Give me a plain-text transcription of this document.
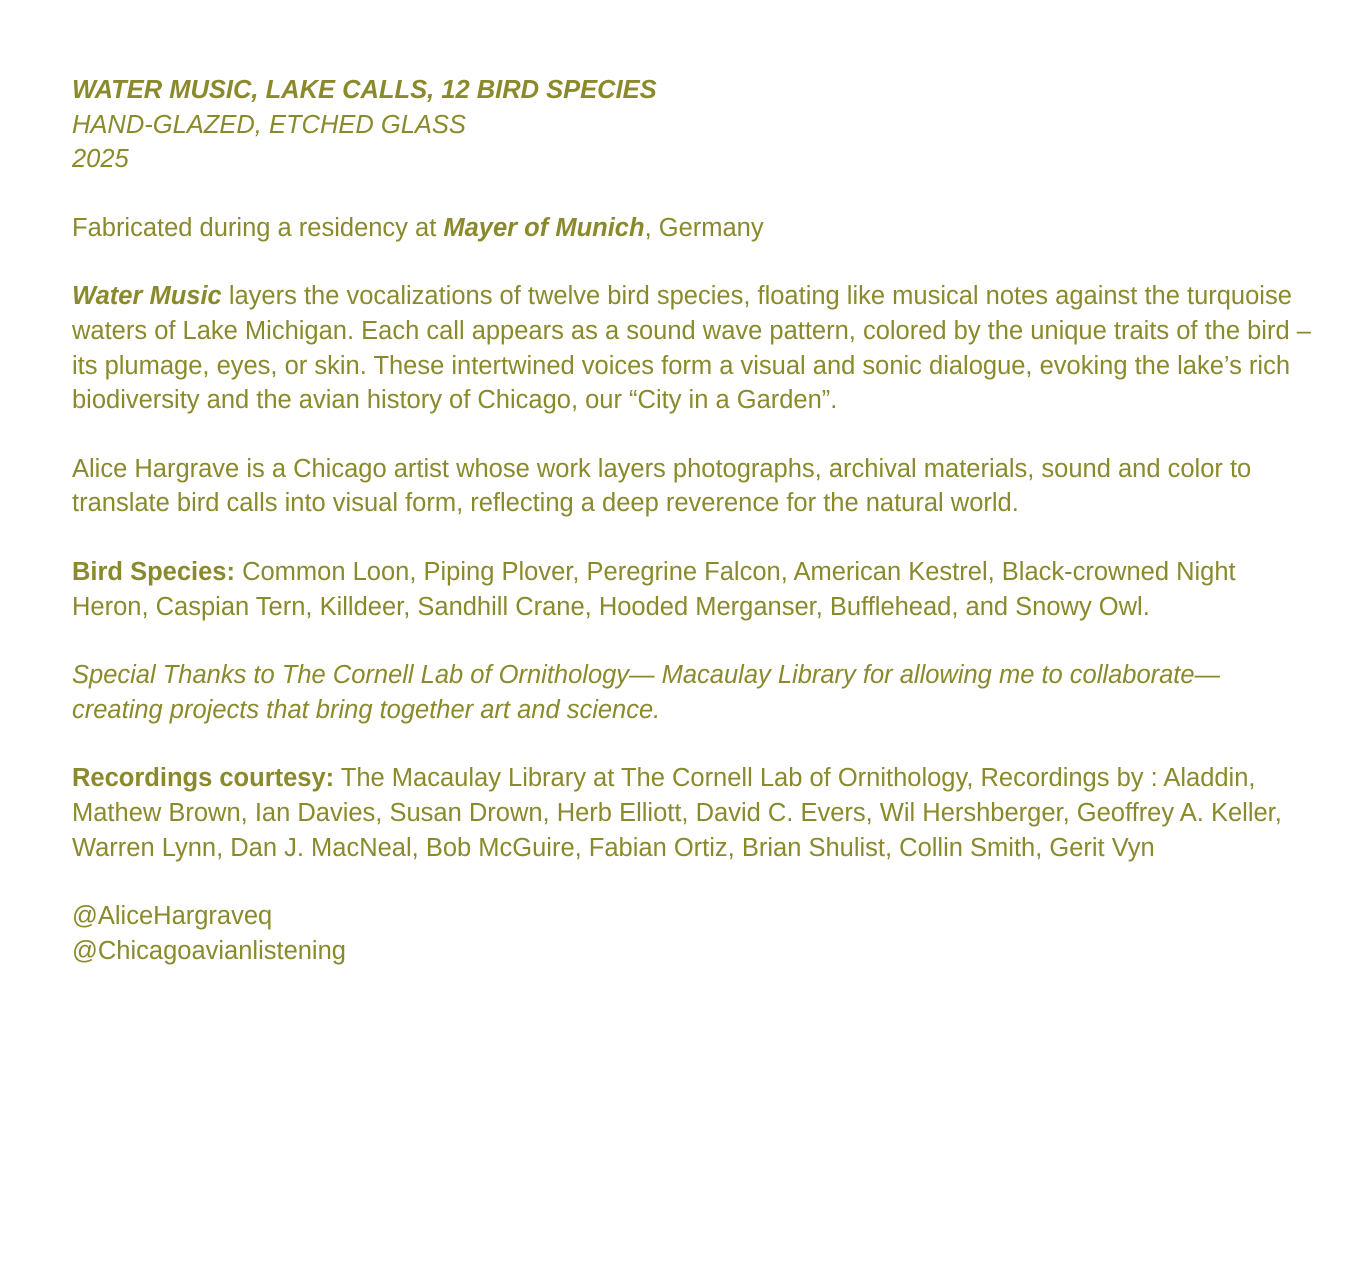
WATER MUSIC, LAKE CALLS, 12 BIRD SPECIES
HAND-GLAZED, ETCHED GLASS
2025

Fabricated during a residency at Mayer of Munich, Germany

Water Music layers the vocalizations of twelve bird species, floating like musical notes against the turquoise waters of Lake Michigan. Each call appears as a sound wave pattern, colored by the unique traits of the bird – its plumage, eyes, or skin. These intertwined voices form a visual and sonic dialogue, evoking the lake’s rich biodiversity and the avian history of Chicago, our “City in a Garden”.

Alice Hargrave is a Chicago artist whose work layers photographs, archival materials, sound and color to translate bird calls into visual form, reflecting a deep reverence for the natural world.

Bird Species: Common Loon, Piping Plover, Peregrine Falcon, American Kestrel, Black-crowned Night Heron, Caspian Tern, Killdeer, Sandhill Crane, Hooded Merganser, Bufflehead, and Snowy Owl.

Special Thanks to The Cornell Lab of Ornithology— Macaulay Library for allowing me to collaborate— creating projects that bring together art and science.

Recordings courtesy: The Macaulay Library at The Cornell Lab of Ornithology, Recordings by : Aladdin, Mathew Brown, Ian Davies, Susan Drown, Herb Elliott, David C. Evers, Wil Hershberger, Geoffrey A. Keller, Warren Lynn, Dan J. MacNeal, Bob McGuire, Fabian Ortiz, Brian Shulist, Collin Smith, Gerit Vyn

@AliceHargraveq
@Chicagoavianlistening
